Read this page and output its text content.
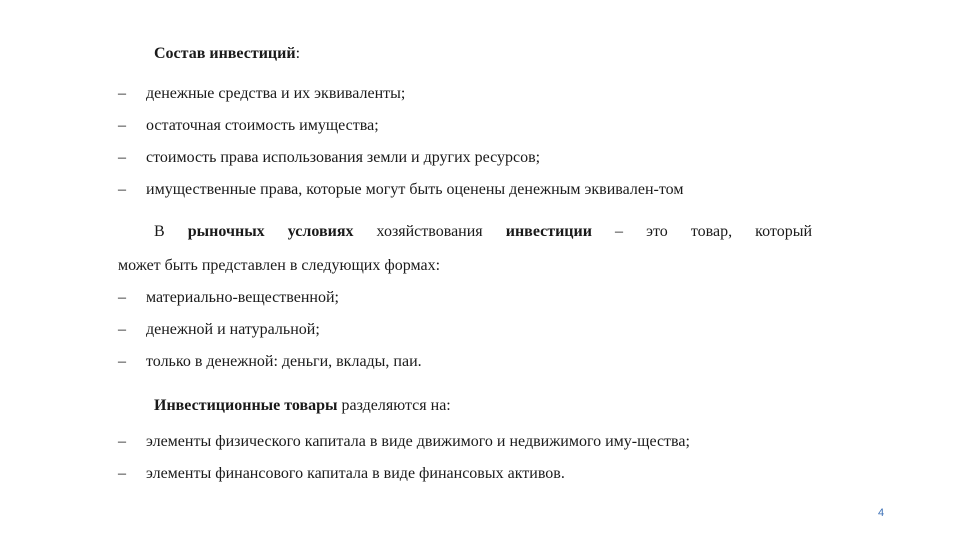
Состав инвестиций:
– денежные средства и их эквиваленты;
– остаточная стоимость имущества;
– стоимость права использования земли и других ресурсов;
– имущественные права, которые могут быть оценены денежным эквивален-том
В рыночных условиях хозяйствования инвестиции – это товар, который
может быть представлен в следующих формах:
– материально-вещественной;
– денежной и натуральной;
– только в денежной: деньги, вклады, паи.
Инвестиционные товары разделяются на:
– элементы физического капитала в виде движимого и недвижимого иму-щества;
– элементы финансового капитала в виде финансовых активов.
4
